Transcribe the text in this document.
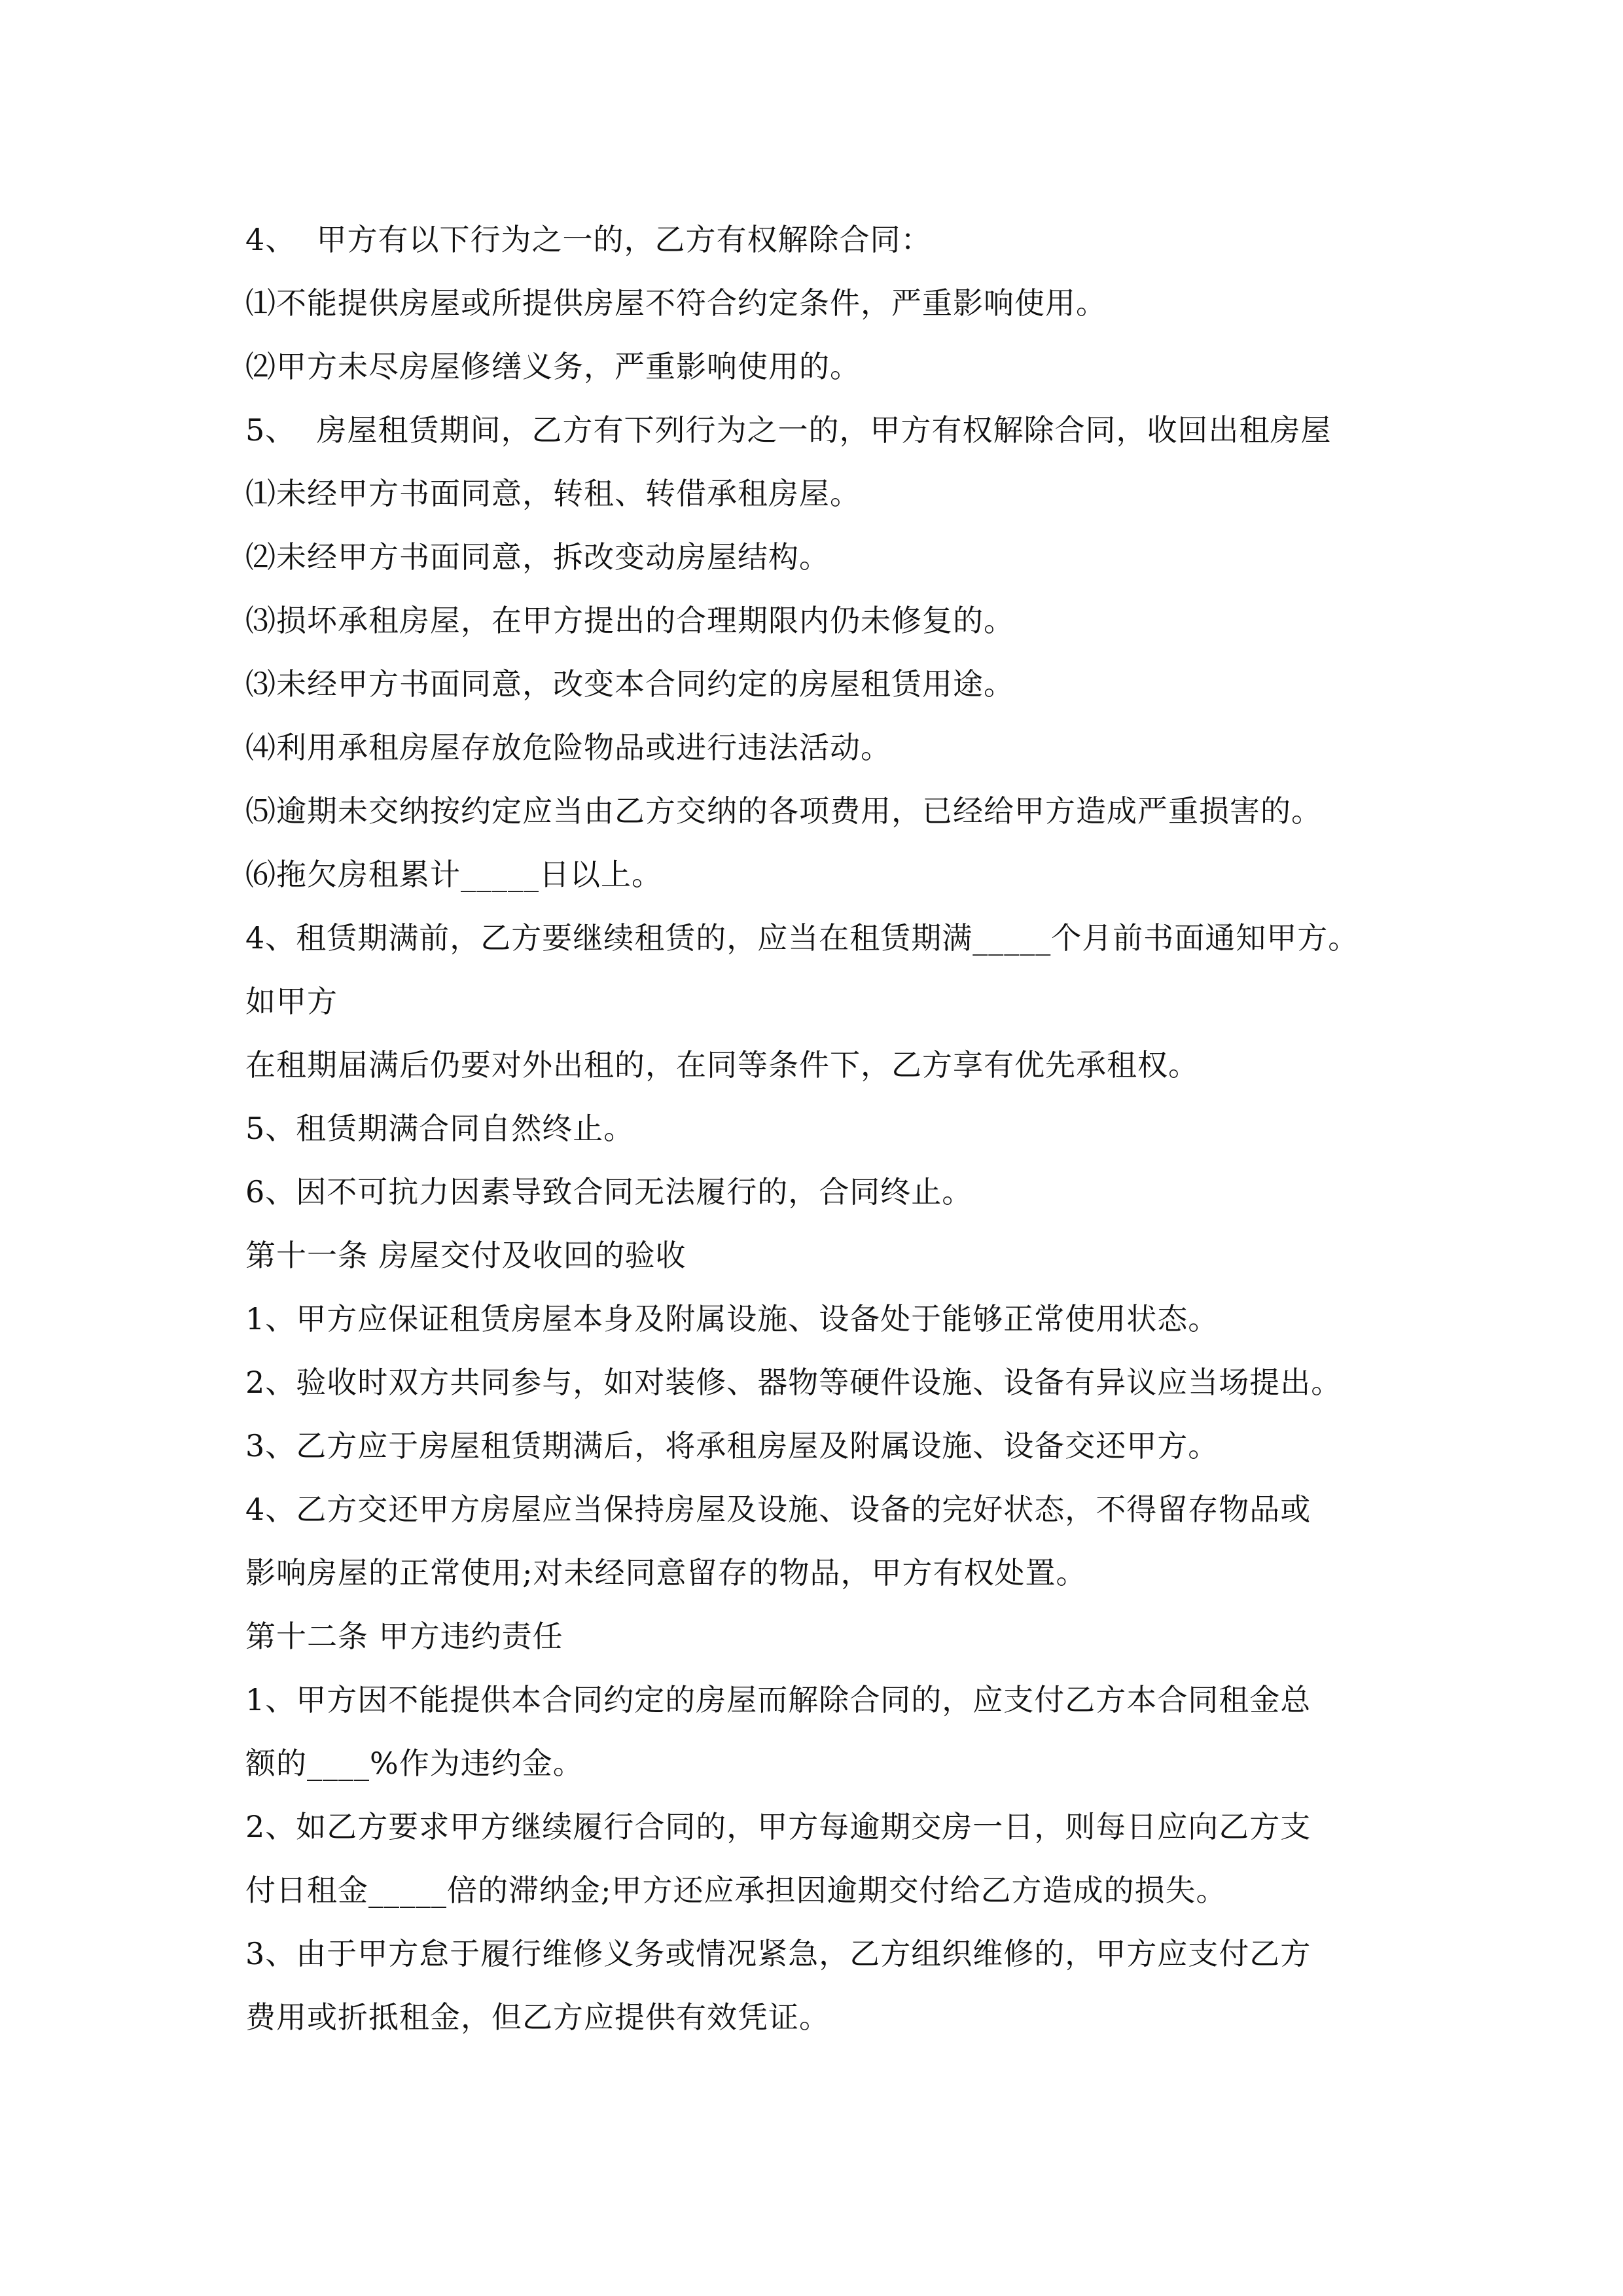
4、  甲方有以下行为之一的，乙方有权解除合同：
⑴不能提供房屋或所提供房屋不符合约定条件，严重影响使用。
⑵甲方未尽房屋修缮义务，严重影响使用的。
5、  房屋租赁期间，乙方有下列行为之一的，甲方有权解除合同，收回出租房屋
⑴未经甲方书面同意，转租、转借承租房屋。
⑵未经甲方书面同意，拆改变动房屋结构。
⑶损坏承租房屋，在甲方提出的合理期限内仍未修复的。
⑶未经甲方书面同意，改变本合同约定的房屋租赁用途。
⑷利用承租房屋存放危险物品或进行违法活动。
⑸逾期未交纳按约定应当由乙方交纳的各项费用，已经给甲方造成严重损害的。
⑹拖欠房租累计_____日以上。
4、租赁期满前，乙方要继续租赁的，应当在租赁期满_____个月前书面通知甲方。
如甲方
在租期届满后仍要对外出租的，在同等条件下，乙方享有优先承租权。
5、租赁期满合同自然终止。
6、因不可抗力因素导致合同无法履行的，合同终止。
第十一条 房屋交付及收回的验收
1、甲方应保证租赁房屋本身及附属设施、设备处于能够正常使用状态。
2、验收时双方共同参与，如对装修、器物等硬件设施、设备有异议应当场提出。
3、乙方应于房屋租赁期满后，将承租房屋及附属设施、设备交还甲方。
4、乙方交还甲方房屋应当保持房屋及设施、设备的完好状态，不得留存物品或
影响房屋的正常使用;对未经同意留存的物品，甲方有权处置。
第十二条 甲方违约责任
1、甲方因不能提供本合同约定的房屋而解除合同的，应支付乙方本合同租金总
额的____%作为违约金。
2、如乙方要求甲方继续履行合同的，甲方每逾期交房一日，则每日应向乙方支
付日租金_____倍的滞纳金;甲方还应承担因逾期交付给乙方造成的损失。
3、由于甲方怠于履行维修义务或情况紧急，乙方组织维修的，甲方应支付乙方
费用或折抵租金，但乙方应提供有效凭证。
